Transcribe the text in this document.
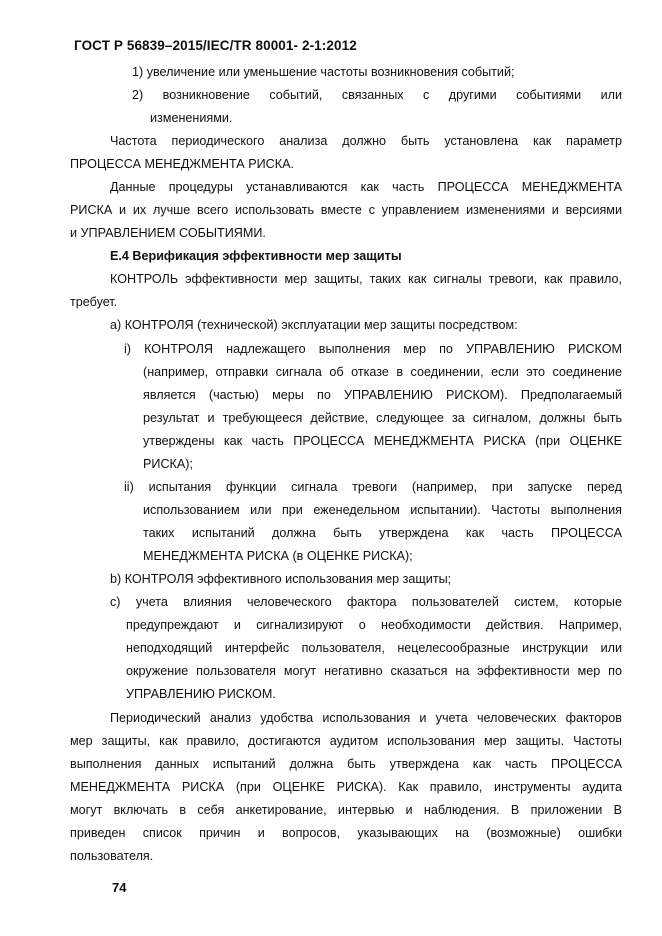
ГОСТ Р 56839–2015/IEC/TR 80001- 2-1:2012
1) увеличение или уменьшение частоты возникновения событий;
2) возникновение событий, связанных с другими событиями или
изменениями.
Частота периодического анализа должно быть установлена как параметр
ПРОЦЕССА МЕНЕДЖМЕНТА РИСКА.
Данные процедуры устанавливаются как часть ПРОЦЕССА МЕНЕДЖМЕНТА
РИСКА и их лучше всего использовать вместе с управлением изменениями и версиями
и УПРАВЛЕНИЕМ СОБЫТИЯМИ.
Е.4 Верификация эффективности мер защиты
КОНТРОЛЬ эффективности мер защиты, таких как сигналы тревоги, как правило,
требует.
а) КОНТРОЛЯ (технической) эксплуатации мер защиты посредством:
i) КОНТРОЛЯ надлежащего выполнения мер по УПРАВЛЕНИЮ РИСКОМ
(например, отправки сигнала об отказе в соединении, если это соединение
является (частью) меры по УПРАВЛЕНИЮ РИСКОМ). Предполагаемый
результат и требующееся действие, следующее за сигналом, должны быть
утверждены как часть ПРОЦЕССА МЕНЕДЖМЕНТА РИСКА (при ОЦЕНКЕ
РИСКА);
ii) испытания функции сигнала тревоги (например, при запуске перед
использованием или при еженедельном испытании). Частоты выполнения
таких испытаний должна быть утверждена как часть ПРОЦЕССА
МЕНЕДЖМЕНТА РИСКА (в ОЦЕНКЕ РИСКА);
b) КОНТРОЛЯ эффективного использования мер защиты;
c) учета влияния человеческого фактора пользователей систем, которые
предупреждают и сигнализируют о необходимости действия. Например,
неподходящий интерфейс пользователя, нецелесообразные инструкции или
окружение пользователя могут негативно сказаться на эффективности мер по
УПРАВЛЕНИЮ РИСКОМ.
Периодический анализ удобства использования и учета человеческих факторов
мер защиты, как правило, достигаются аудитом использования мер защиты. Частоты
выполнения данных испытаний должна быть утверждена как часть ПРОЦЕССА
МЕНЕДЖМЕНТА РИСКА (при ОЦЕНКЕ РИСКА). Как правило, инструменты аудита
могут включать в себя анкетирование, интервью и наблюдения. В приложении В
приведен список причин и вопросов, указывающих на (возможные) ошибки
пользователя.
74
